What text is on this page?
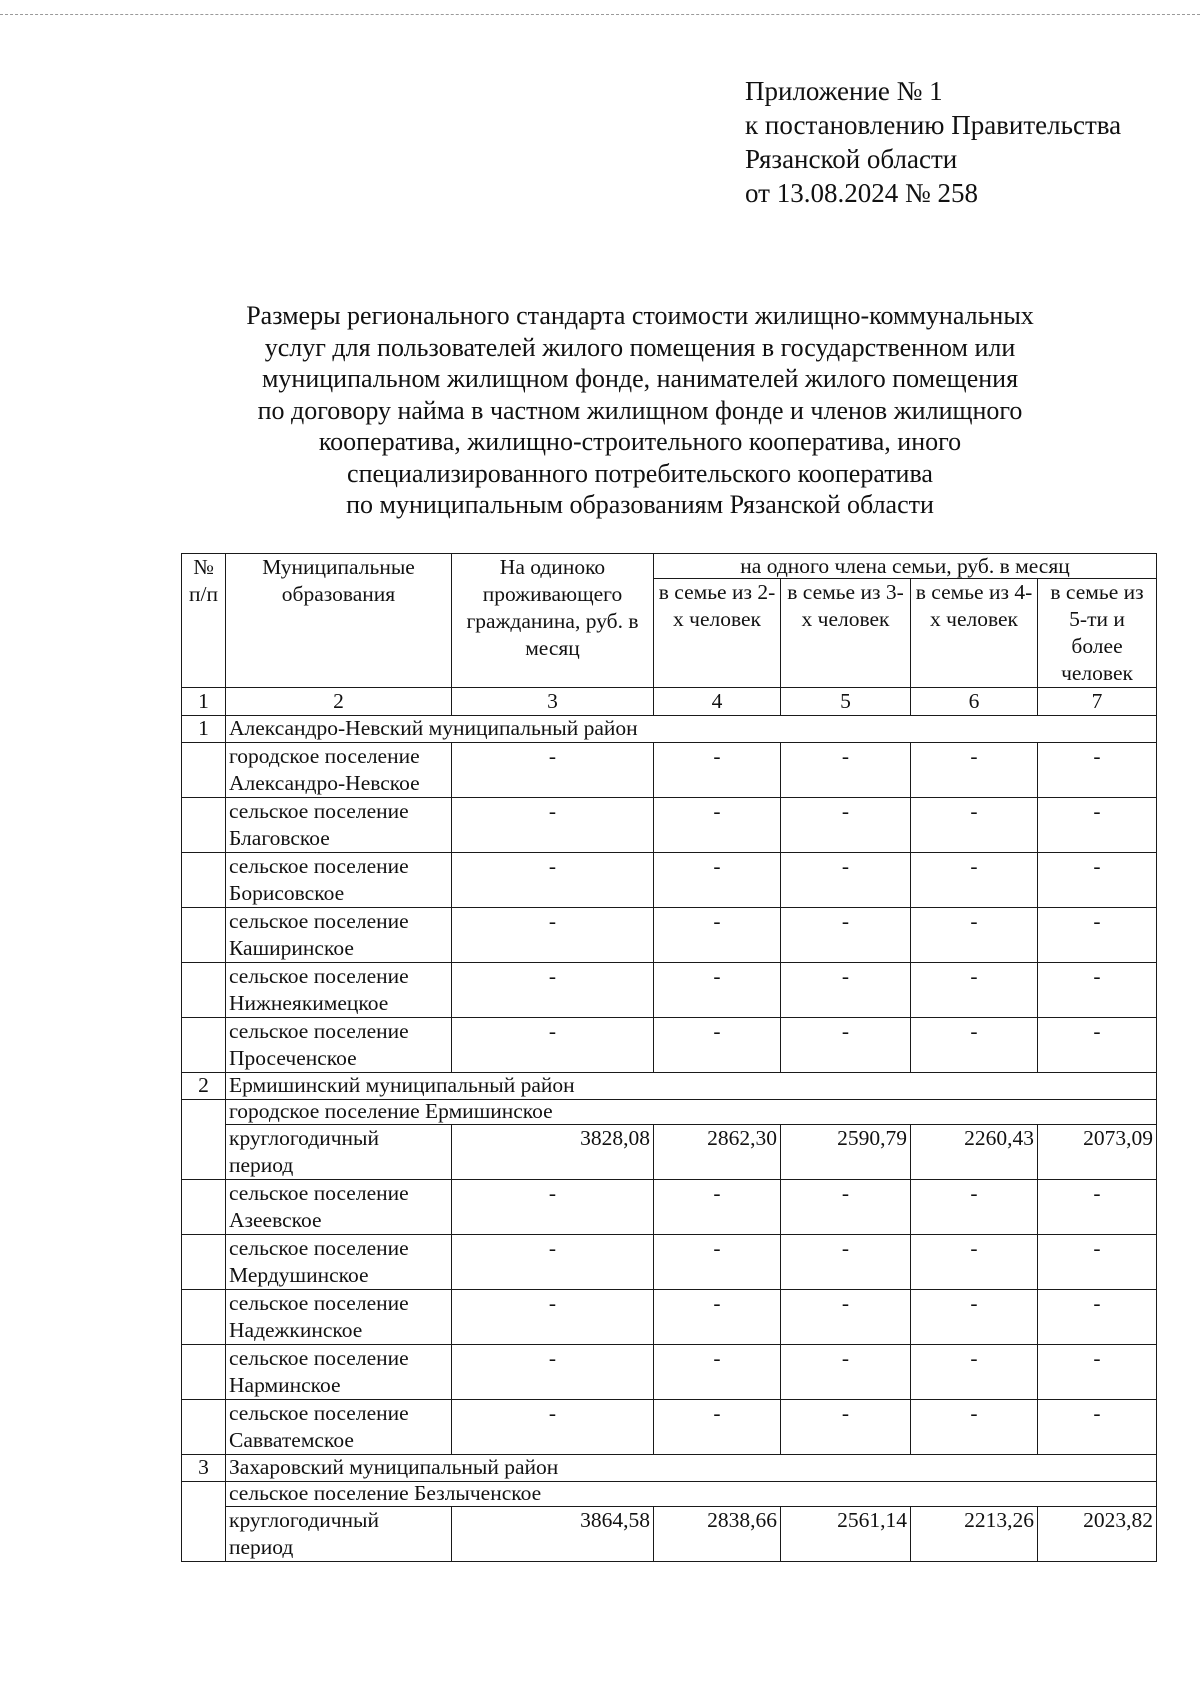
Приложение № 1
к постановлению Правительства
Рязанской области
от 13.08.2024 № 258
Размеры регионального стандарта стоимости жилищно-коммунальных
услуг для пользователей жилого помещения в государственном или
муниципальном жилищном фонде, нанимателей жилого помещения
по договору найма в частном жилищном фонде и членов жилищного
кооператива, жилищно-строительного кооператива, иного
специализированного потребительского кооператива
по муниципальным образованиям Рязанской области
№ п/п	Муниципальные образования	На одиноко проживающего гражданина, руб. в месяц	на одного члена семьи, руб. в месяц			
			в семье из 2-х человек	в семье из 3-х человек	в семье из 4-х человек	в семье из 5-ти и более человек
1	2	3	4	5	6	7
1	Александро-Невский муниципальный район					
	городское поселение Александро-Невское	-	-	-	-	-
	сельское поселение Благовское	-	-	-	-	-
	сельское поселение Борисовское	-	-	-	-	-
	сельское поселение Каширинское	-	-	-	-	-
	сельское поселение Нижнеякимецкое	-	-	-	-	-
	сельское поселение Просеченское	-	-	-	-	-
2	Ермишинский муниципальный район					
	городское поселение Ермишинское					
	круглогодичный период	3828,08	2862,30	2590,79	2260,43	2073,09
	сельское поселение Азеевское	-	-	-	-	-
	сельское поселение Мердушинское	-	-	-	-	-
	сельское поселение Надежкинское	-	-	-	-	-
	сельское поселение Нарминское	-	-	-	-	-
	сельское поселение Савватемское	-	-	-	-	-
3	Захаровский муниципальный район					
	сельское поселение Безлыченское					
	круглогодичный период	3864,58	2838,66	2561,14	2213,26	2023,82
